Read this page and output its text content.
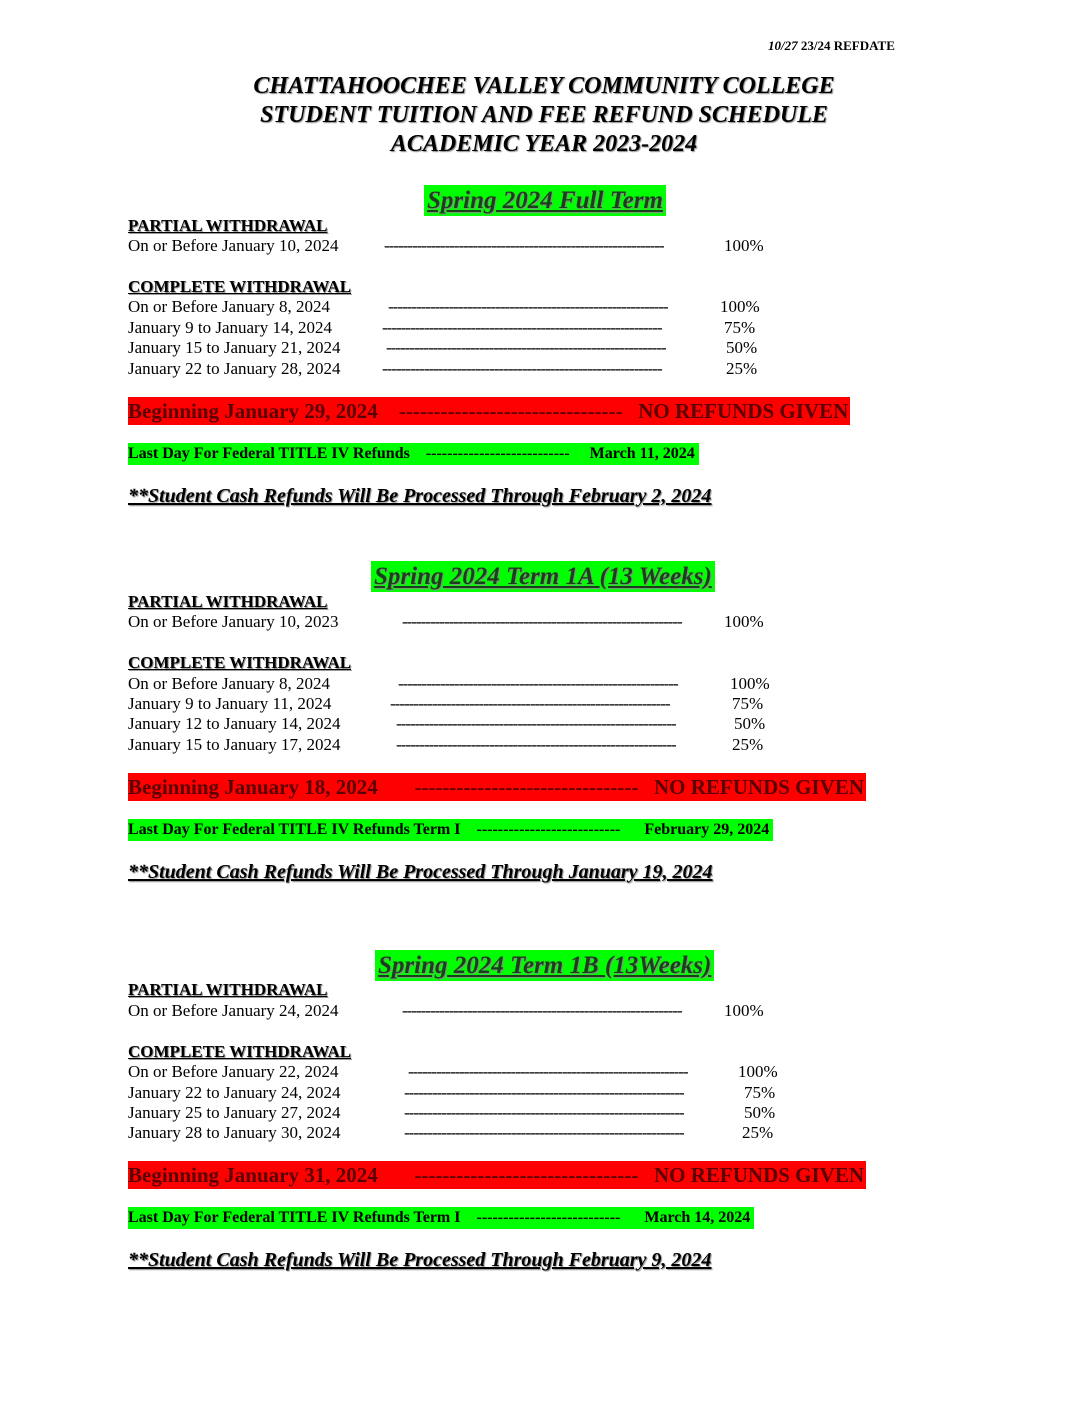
10/27 23/24 REFDATE
CHATTAHOOCHEE VALLEY COMMUNITY COLLEGE
STUDENT TUITION AND FEE REFUND SCHEDULE
ACADEMIC YEAR 2023-2024
Spring 2024 Full Term
PARTIAL WITHDRAWAL
On or Before January 10, 2024	------------------------------------------------------------	100%
COMPLETE WITHDRAWAL
On or Before January 8, 2024	------------------------------------------------------------	100%
January 9 to January 14, 2024	------------------------------------------------------------	75%
January 15 to January 21, 2024	------------------------------------------------------------	50%
January 22 to January 28, 2024 ------------------------------------------------------------	25%
Beginning January 29, 2024 -------------------------------- NO REFUNDS GIVEN
Last Day For Federal TITLE IV Refunds --------------------------- March 11, 2024
**Student Cash Refunds Will Be Processed Through February 2, 2024
Spring 2024 Term 1A (13 Weeks)
PARTIAL WITHDRAWAL
On or Before January 10, 2023	------------------------------------------------------------ 100%
COMPLETE WITHDRAWAL
On or Before January 8, 2024	------------------------------------------------------------	100%
January 9 to January 11, 2024	------------------------------------------------------------	75%
January 12 to January 14, 2024	------------------------------------------------------------	50%
January 15 to January 17, 2024	------------------------------------------------------------	25%
Beginning January 18, 2024 -------------------------------- NO REFUNDS GIVEN
Last Day For Federal TITLE IV Refunds Term I --------------------------- February 29, 2024
**Student Cash Refunds Will Be Processed Through January 19, 2024
Spring 2024 Term 1B (13Weeks)
PARTIAL WITHDRAWAL
On or Before January 24, 2024	------------------------------------------------------------ 100%
COMPLETE WITHDRAWAL
On or Before January 22, 2024	------------------------------------------------------------	100%
January 22 to January 24, 2024	------------------------------------------------------------	75%
January 25 to January 27, 2024	------------------------------------------------------------	50%
January 28 to January 30, 2024	------------------------------------------------------------	25%
Beginning January 31, 2024 -------------------------------- NO REFUNDS GIVEN
Last Day For Federal TITLE IV Refunds Term I --------------------------- March 14, 2024
**Student Cash Refunds Will Be Processed Through February 9, 2024
